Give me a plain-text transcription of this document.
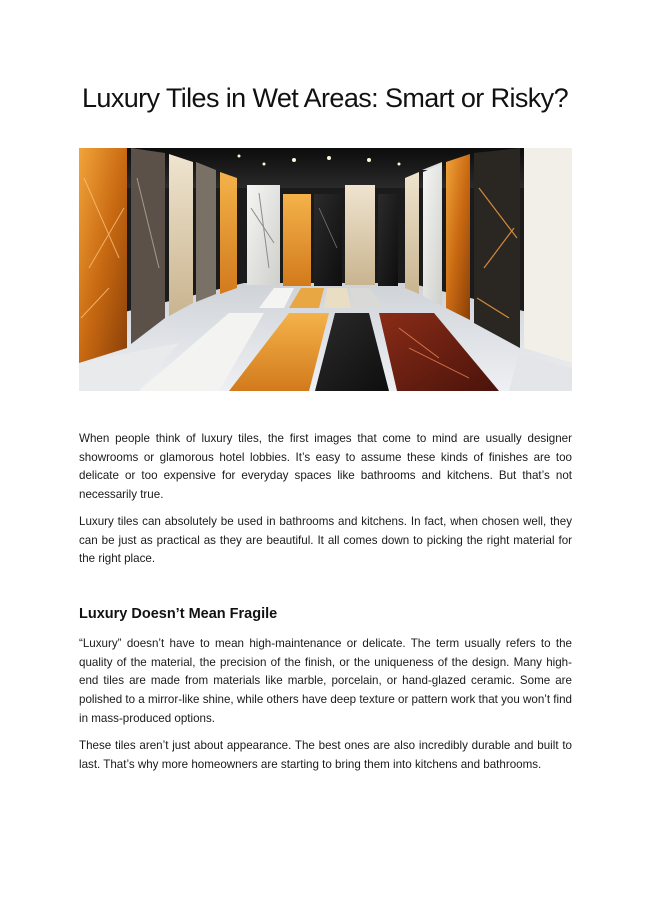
Luxury Tiles in Wet Areas: Smart or Risky?

When people think of luxury tiles, the first images that come to mind are usually designer showrooms or glamorous hotel lobbies. It’s easy to assume these kinds of finishes are too delicate or too expensive for everyday spaces like bathrooms and kitchens. But that’s not necessarily true.

Luxury tiles can absolutely be used in bathrooms and kitchens. In fact, when chosen well, they can be just as practical as they are beautiful. It all comes down to picking the right material for the right place.

Luxury Doesn’t Mean Fragile

“Luxury” doesn’t have to mean high-maintenance or delicate. The term usually refers to the quality of the material, the precision of the finish, or the uniqueness of the design. Many high-end tiles are made from materials like marble, porcelain, or hand-glazed ceramic. Some are polished to a mirror-like shine, while others have deep texture or pattern work that you won’t find in mass-produced options.

These tiles aren’t just about appearance. The best ones are also incredibly durable and built to last. That’s why more homeowners are starting to bring them into kitchens and bathrooms.
